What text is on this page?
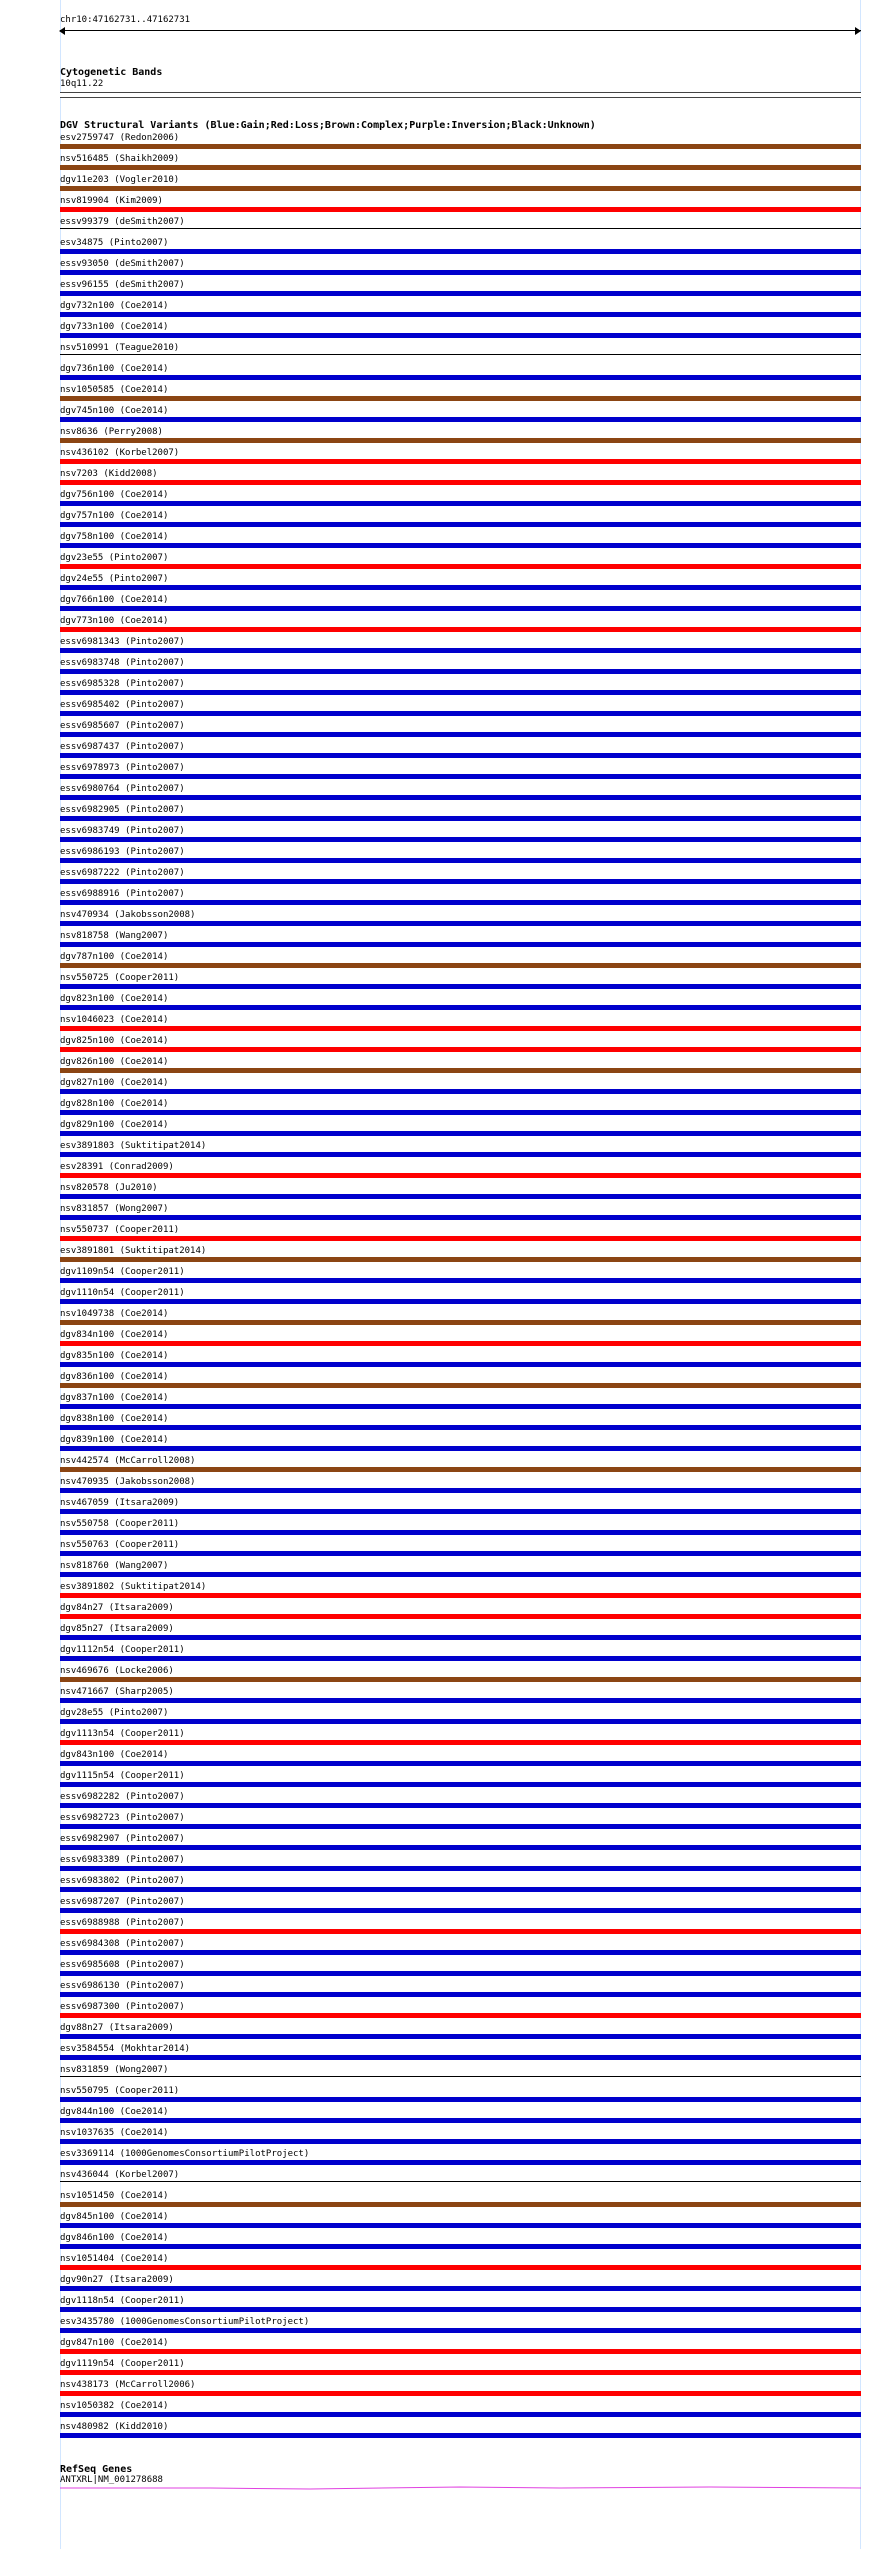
chr10:47162731..47162731
Cytogenetic Bands
10q11.22
DGV Structural Variants (Blue:Gain;Red:Loss;Brown:Complex;Purple:Inversion;Black:Unknown)
esv2759747 (Redon2006)
nsv516485 (Shaikh2009)
dgv11e203 (Vogler2010)
nsv819904 (Kim2009)
essv99379 (deSmith2007)
esv34875 (Pinto2007)
essv93050 (deSmith2007)
essv96155 (deSmith2007)
dgv732n100 (Coe2014)
dgv733n100 (Coe2014)
nsv510991 (Teague2010)
dgv736n100 (Coe2014)
nsv1050585 (Coe2014)
dgv745n100 (Coe2014)
nsv8636 (Perry2008)
nsv436102 (Korbel2007)
nsv7203 (Kidd2008)
dgv756n100 (Coe2014)
dgv757n100 (Coe2014)
dgv758n100 (Coe2014)
dgv23e55 (Pinto2007)
dgv24e55 (Pinto2007)
dgv766n100 (Coe2014)
dgv773n100 (Coe2014)
essv6981343 (Pinto2007)
essv6983748 (Pinto2007)
essv6985328 (Pinto2007)
essv6985402 (Pinto2007)
essv6985607 (Pinto2007)
essv6987437 (Pinto2007)
essv6978973 (Pinto2007)
essv6980764 (Pinto2007)
essv6982905 (Pinto2007)
essv6983749 (Pinto2007)
essv6986193 (Pinto2007)
essv6987222 (Pinto2007)
essv6988916 (Pinto2007)
nsv470934 (Jakobsson2008)
nsv818758 (Wang2007)
dgv787n100 (Coe2014)
nsv550725 (Cooper2011)
dgv823n100 (Coe2014)
nsv1046023 (Coe2014)
dgv825n100 (Coe2014)
dgv826n100 (Coe2014)
dgv827n100 (Coe2014)
dgv828n100 (Coe2014)
dgv829n100 (Coe2014)
esv3891803 (Suktitipat2014)
esv28391 (Conrad2009)
nsv820578 (Ju2010)
nsv831857 (Wong2007)
nsv550737 (Cooper2011)
esv3891801 (Suktitipat2014)
dgv1109n54 (Cooper2011)
dgv1110n54 (Cooper2011)
nsv1049738 (Coe2014)
dgv834n100 (Coe2014)
dgv835n100 (Coe2014)
dgv836n100 (Coe2014)
dgv837n100 (Coe2014)
dgv838n100 (Coe2014)
dgv839n100 (Coe2014)
nsv442574 (McCarroll2008)
nsv470935 (Jakobsson2008)
nsv467059 (Itsara2009)
nsv550758 (Cooper2011)
nsv550763 (Cooper2011)
nsv818760 (Wang2007)
esv3891802 (Suktitipat2014)
dgv84n27 (Itsara2009)
dgv85n27 (Itsara2009)
dgv1112n54 (Cooper2011)
nsv469676 (Locke2006)
nsv471667 (Sharp2005)
dgv28e55 (Pinto2007)
dgv1113n54 (Cooper2011)
dgv843n100 (Coe2014)
dgv1115n54 (Cooper2011)
essv6982282 (Pinto2007)
essv6982723 (Pinto2007)
essv6982907 (Pinto2007)
essv6983389 (Pinto2007)
essv6983802 (Pinto2007)
essv6987207 (Pinto2007)
essv6988988 (Pinto2007)
essv6984308 (Pinto2007)
essv6985608 (Pinto2007)
essv6986130 (Pinto2007)
essv6987300 (Pinto2007)
dgv88n27 (Itsara2009)
esv3584554 (Mokhtar2014)
nsv831859 (Wong2007)
nsv550795 (Cooper2011)
dgv844n100 (Coe2014)
nsv1037635 (Coe2014)
esv3369114 (1000GenomesConsortiumPilotProject)
nsv436044 (Korbel2007)
nsv1051450 (Coe2014)
dgv845n100 (Coe2014)
dgv846n100 (Coe2014)
nsv1051404 (Coe2014)
dgv90n27 (Itsara2009)
dgv1118n54 (Cooper2011)
esv3435780 (1000GenomesConsortiumPilotProject)
dgv847n100 (Coe2014)
dgv1119n54 (Cooper2011)
nsv438173 (McCarroll2006)
nsv1050382 (Coe2014)
nsv480982 (Kidd2010)
RefSeq Genes
ANTXRL|NM_001278688
